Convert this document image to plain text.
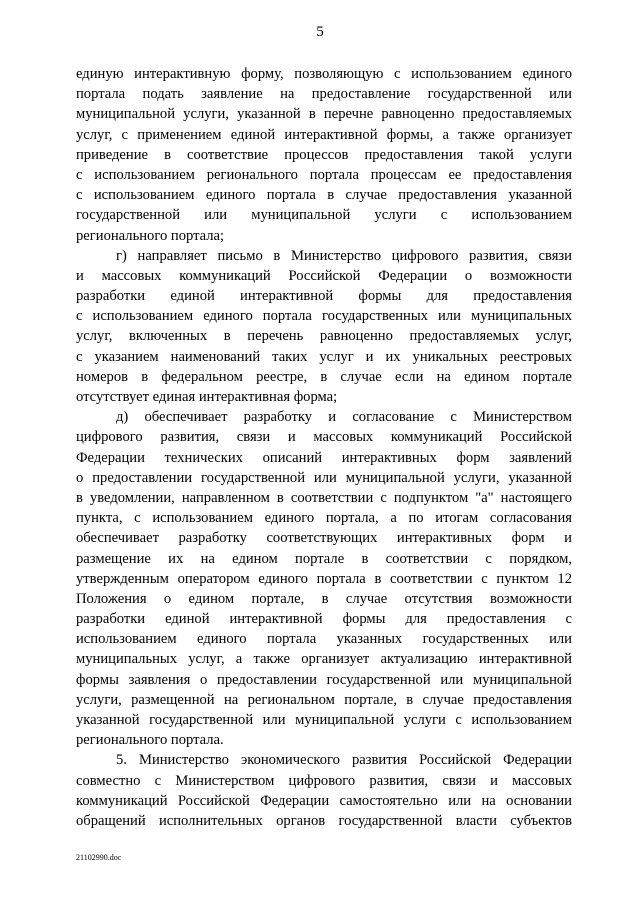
5
единую интерактивную форму, позволяющую с использованием единого
портала подать заявление на предоставление государственной или
муниципальной услуги, указанной в перечне равноценно предоставляемых
услуг, с применением единой интерактивной формы, а также организует
приведение в соответствие процессов предоставления такой услуги
с использованием регионального портала процессам ее предоставления
с использованием единого портала в случае предоставления указанной
государственной или муниципальной услуги с использованием
регионального портала;
г) направляет письмо в Министерство цифрового развития, связи
и массовых коммуникаций Российской Федерации о возможности
разработки единой интерактивной формы для предоставления
с использованием единого портала государственных или муниципальных
услуг, включенных в перечень равноценно предоставляемых услуг,
с указанием наименований таких услуг и их уникальных реестровых
номеров в федеральном реестре, в случае если на едином портале
отсутствует единая интерактивная форма;
д) обеспечивает разработку и согласование с Министерством
цифрового развития, связи и массовых коммуникаций Российской
Федерации технических описаний интерактивных форм заявлений
о предоставлении государственной или муниципальной услуги, указанной
в уведомлении, направленном в соответствии с подпунктом "а" настоящего
пункта, с использованием единого портала, а по итогам согласования
обеспечивает разработку соответствующих интерактивных форм и
размещение их на едином портале в соответствии с порядком,
утвержденным оператором единого портала в соответствии с пунктом 12
Положения о едином портале, в случае отсутствия возможности
разработки единой интерактивной формы для предоставления с
использованием единого портала указанных государственных или
муниципальных услуг, а также организует актуализацию интерактивной
формы заявления о предоставлении государственной или муниципальной
услуги, размещенной на региональном портале, в случае предоставления
указанной государственной или муниципальной услуги с использованием
регионального портала.
5. Министерство экономического развития Российской Федерации
совместно с Министерством цифрового развития, связи и массовых
коммуникаций Российской Федерации самостоятельно или на основании
обращений исполнительных органов государственной власти субъектов
21102990.doc
